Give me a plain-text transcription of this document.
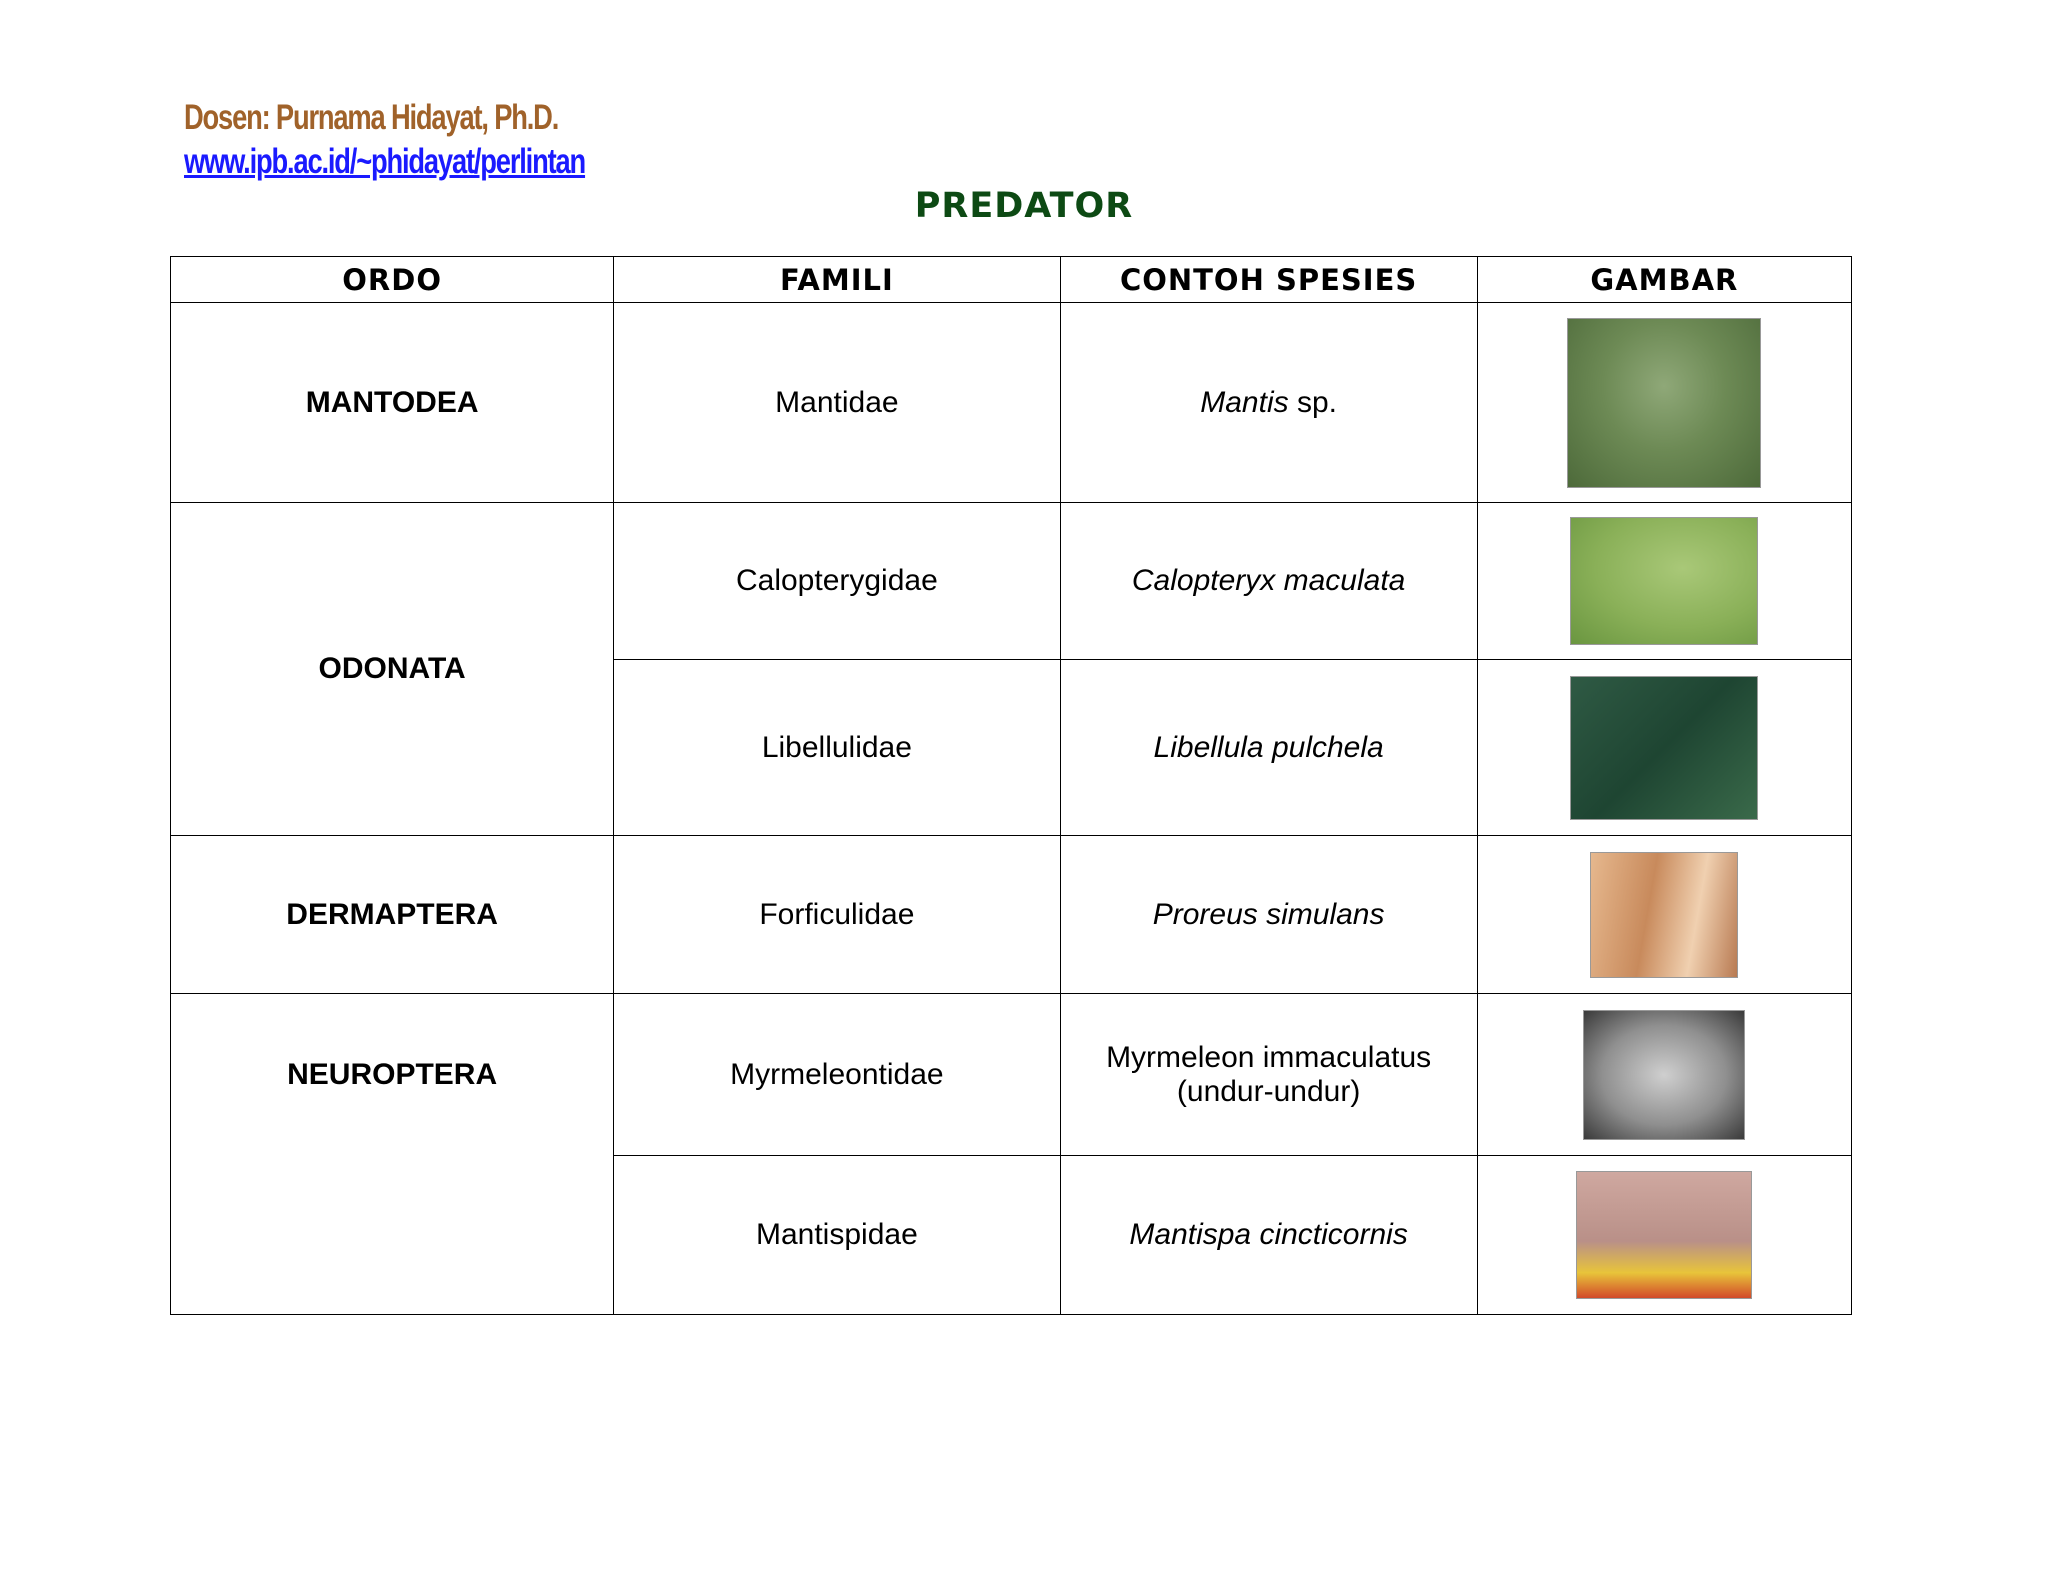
Dosen: Purnama Hidayat, Ph.D.
www.ipb.ac.id/~phidayat/perlintan
PREDATOR
ORDO	FAMILI	CONTOH SPESIES	GAMBAR
MANTODEA	Mantidae	Mantis sp.	
ODONATA	Calopterygidae	Calopteryx maculata	
	Libellulidae	Libellula pulchela	
DERMAPTERA	Forficulidae	Proreus simulans	
NEUROPTERA	Myrmeleontidae	Myrmeleon immaculatus
(undur-undur)	

	Mantispidae	Mantispa cincticornis	
